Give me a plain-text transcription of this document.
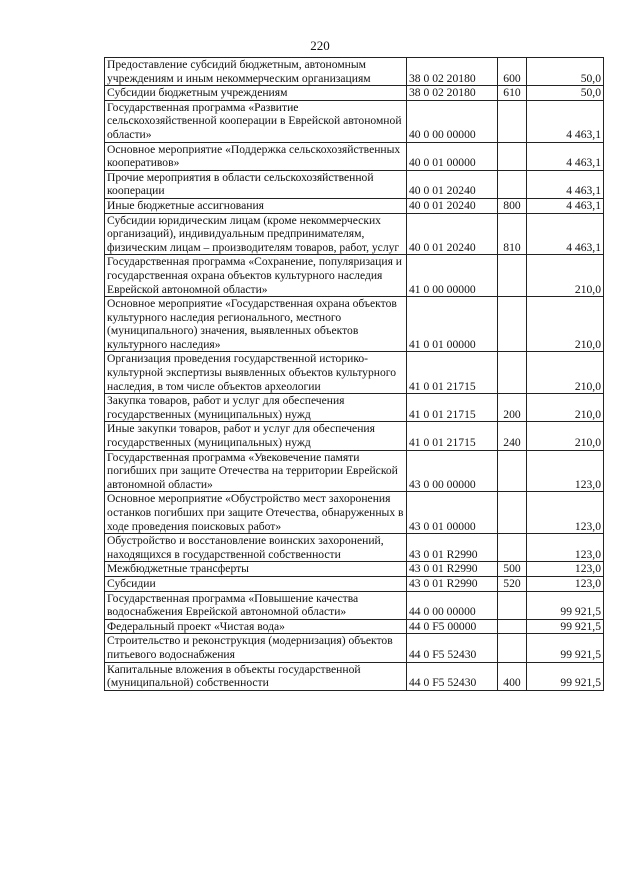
220
Предоставление субсидий бюджетным, автономным учреждениям и иным некоммерческим организациям	38 0 02 20180	600	50,0
Субсидии бюджетным учреждениям	38 0 02 20180	610	50,0
Государственная программа «Развитие сельскохозяйственной кооперации в Еврейской автономной области»	40 0 00 00000		4 463,1
Основное мероприятие «Поддержка сельскохозяйственных кооперативов»	40 0 01 00000		4 463,1
Прочие мероприятия в области сельскохозяйственной кооперации	40 0 01 20240		4 463,1
Иные бюджетные ассигнования	40 0 01 20240	800	4 463,1
Субсидии юридическим лицам (кроме некоммерческих организаций), индивидуальным предпринимателям, физическим лицам – производителям товаров, работ, услуг	40 0 01 20240	810	4 463,1
Государственная программа «Сохранение, популяризация и государственная охрана объектов культурного наследия Еврейской автономной области»	41 0 00 00000		210,0
Основное мероприятие «Государственная охрана объектов культурного наследия регионального, местного (муниципального) значения, выявленных объектов культурного наследия»	41 0 01 00000		210,0
Организация проведения государственной историко-культурной экспертизы выявленных объектов культурного наследия, в том числе объектов археологии	41 0 01 21715		210,0
Закупка товаров, работ и услуг для обеспечения государственных (муниципальных) нужд	41 0 01 21715	200	210,0
Иные закупки товаров, работ и услуг для обеспечения государственных (муниципальных) нужд	41 0 01 21715	240	210,0
Государственная программа «Увековечение памяти погибших при защите Отечества на территории Еврейской автономной области»	43 0 00 00000		123,0
Основное мероприятие «Обустройство мест захоронения останков погибших при защите Отечества, обнаруженных в ходе проведения поисковых работ»	43 0 01 00000		123,0
Обустройство и восстановление воинских захоронений, находящихся в государственной собственности	43 0 01 R2990		123,0
Межбюджетные трансферты	43 0 01 R2990	500	123,0
Субсидии	43 0 01 R2990	520	123,0
Государственная программа «Повышение качества водоснабжения Еврейской автономной области»	44 0 00 00000		99 921,5
Федеральный проект «Чистая вода»	44 0 F5 00000		99 921,5
Строительство и реконструкция (модернизация) объектов питьевого водоснабжения	44 0 F5 52430		99 921,5
Капитальные вложения в объекты государственной (муниципальной) собственности	44 0 F5 52430	400	99 921,5
